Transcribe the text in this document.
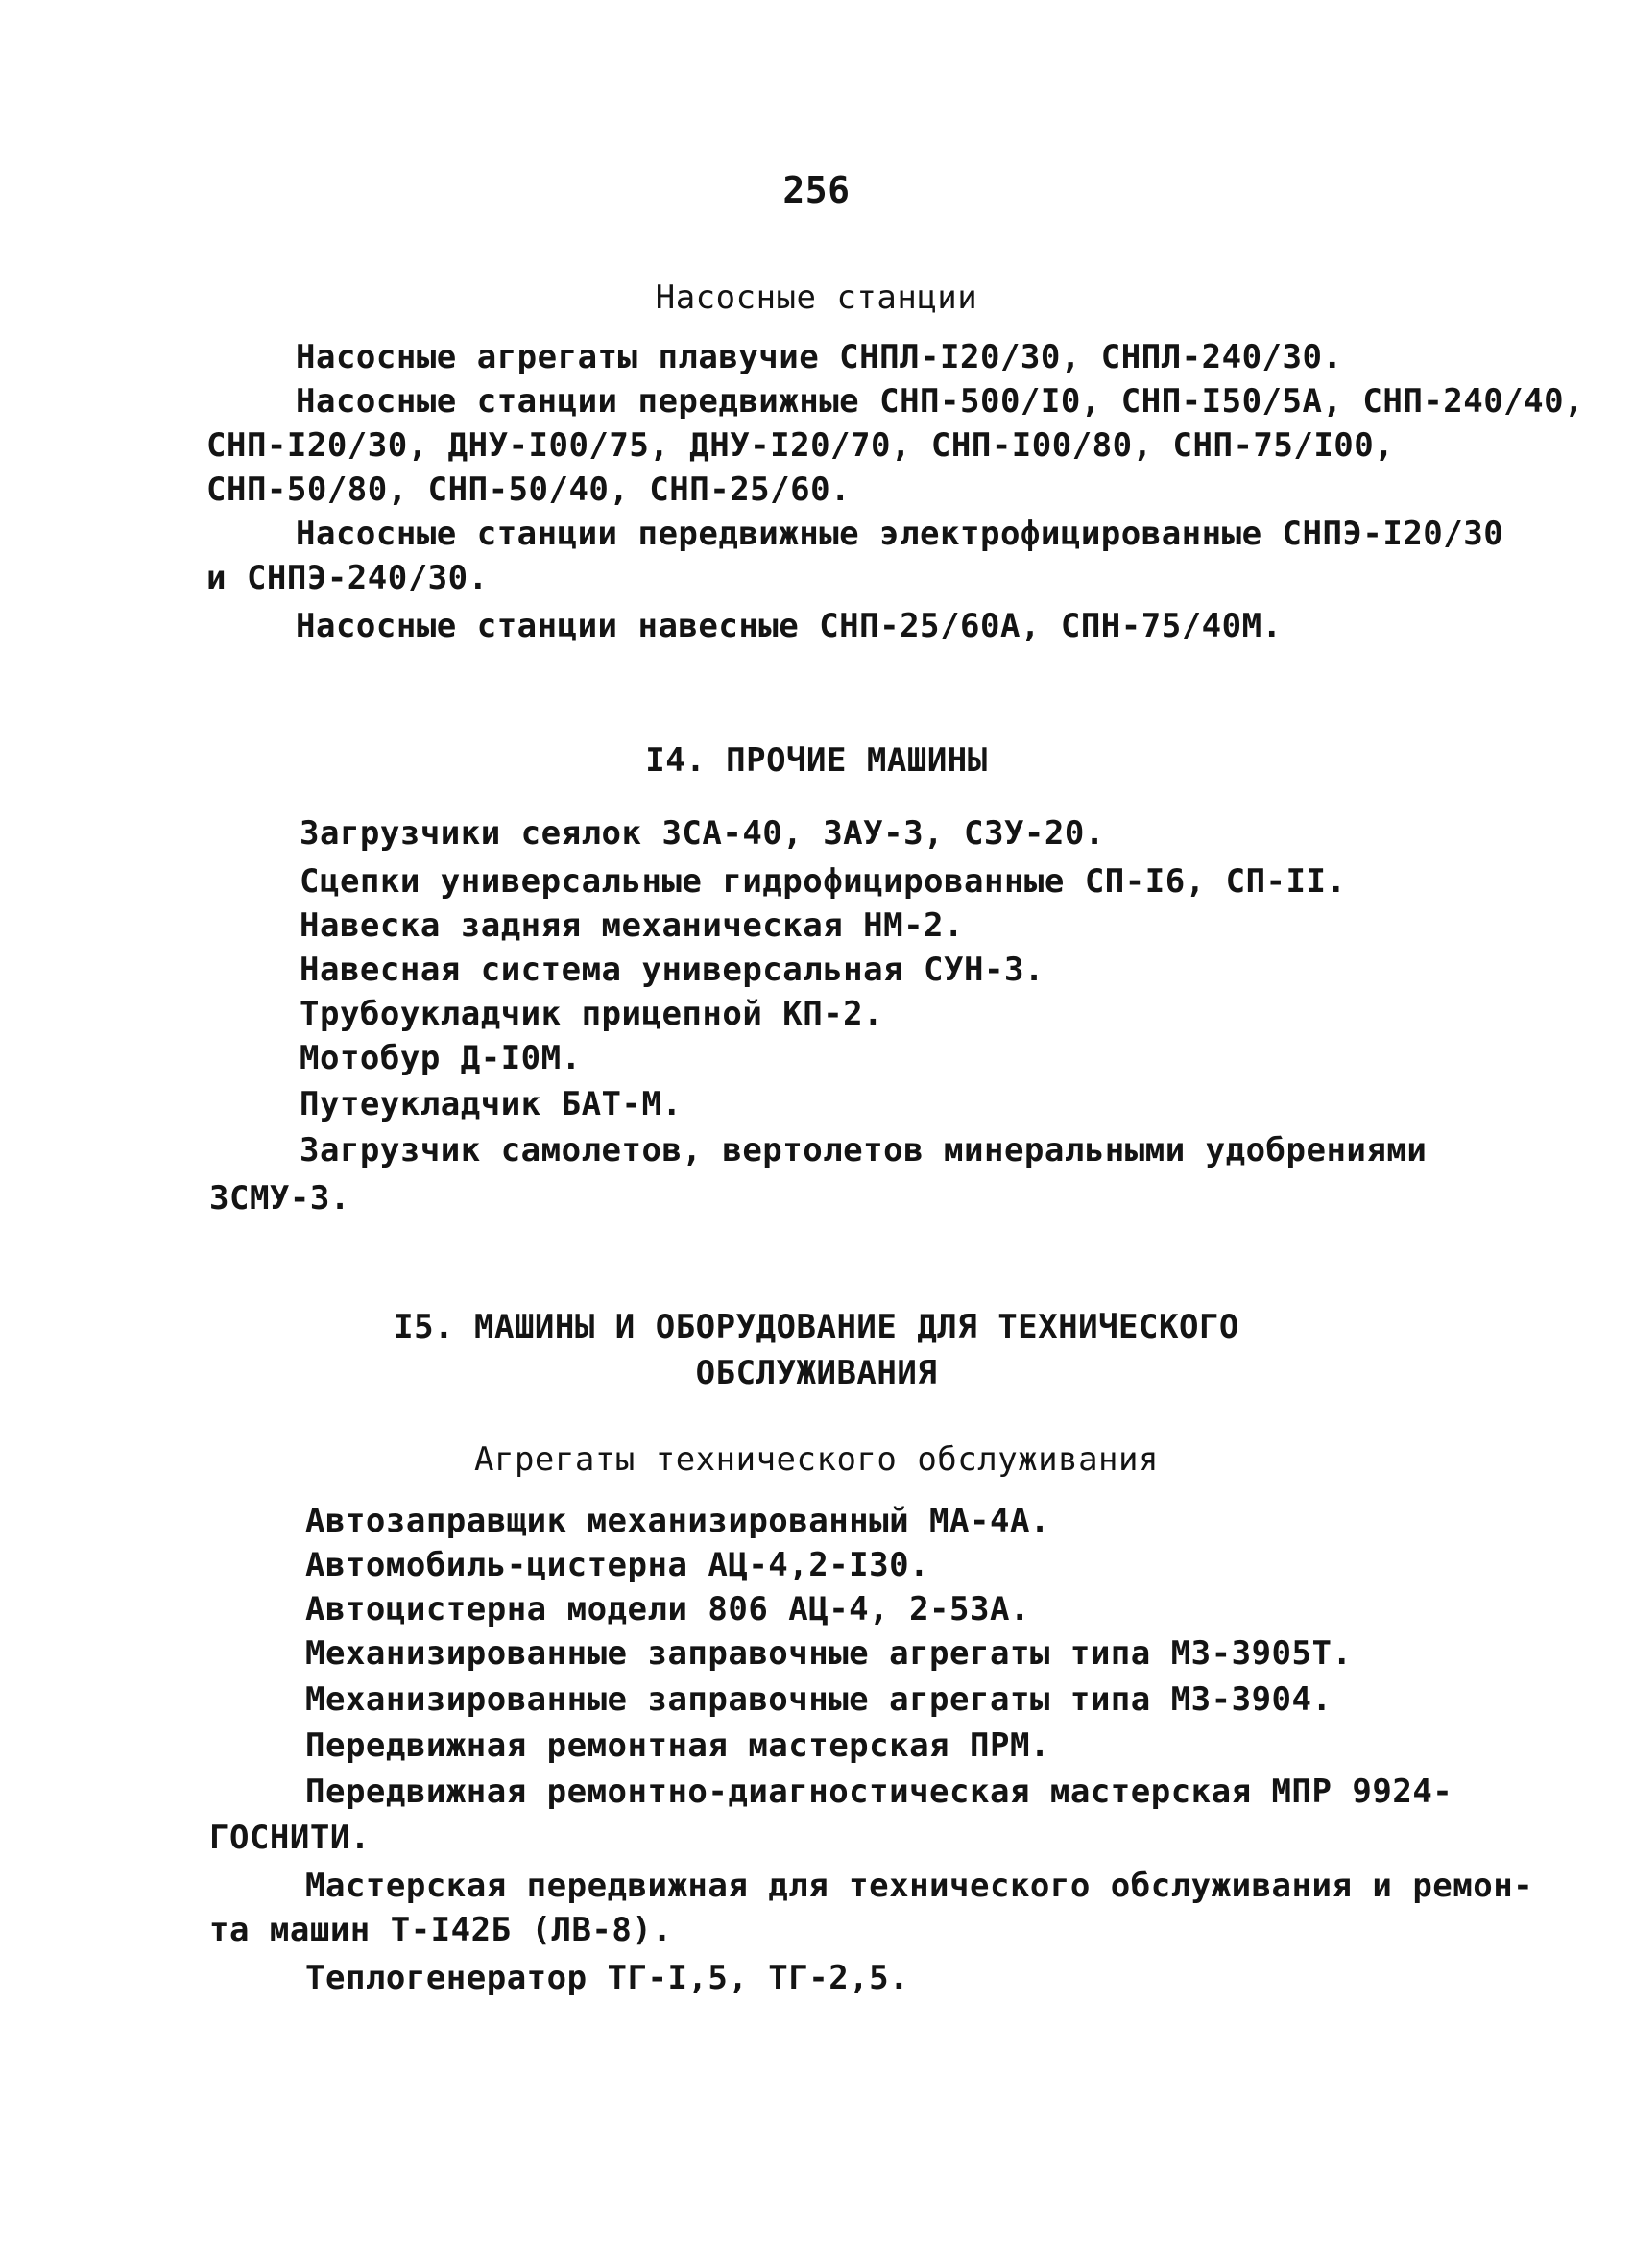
256
Насосные станции
Насосные агрегаты плавучие СНПЛ-I20/30, СНПЛ-240/30.
Насосные станции передвижные СНП-500/I0, СНП-I50/5А, СНП-240/40,
СНП-I20/30, ДНУ-I00/75, ДНУ-I20/70, СНП-I00/80, СНП-75/I00,
СНП-50/80, СНП-50/40, СНП-25/60.
Насосные станции передвижные электрофицированные СНПЭ-I20/30
и СНПЭ-240/30.
Насосные станции навесные СНП-25/60А, СПН-75/40М.
I4. ПРОЧИЕ МАШИНЫ
Загрузчики сеялок ЗСА-40, ЗАУ-3, СЗУ-20.
Сцепки универсальные гидрофицированные СП-I6, СП-II.
Навеска задняя механическая НМ-2.
Навесная система универсальная СУН-3.
Трубоукладчик прицепной КП-2.
Мотобур Д-I0М.
Путеукладчик БАТ-М.
Загрузчик самолетов, вертолетов минеральными удобрениями
ЗСМУ-3.
I5. МАШИНЫ И ОБОРУДОВАНИЕ ДЛЯ ТЕХНИЧЕСКОГО
ОБСЛУЖИВАНИЯ
Агрегаты технического обслуживания
Автозаправщик механизированный МА-4А.
Автомобиль-цистерна АЦ-4,2-I30.
Автоцистерна модели 806 АЦ-4, 2-53А.
Механизированные заправочные агрегаты типа МЗ-3905Т.
Механизированные заправочные агрегаты типа МЗ-3904.
Передвижная ремонтная мастерская ПРМ.
Передвижная ремонтно-диагностическая мастерская МПР 9924-
ГОСНИТИ.
Мастерская передвижная для технического обслуживания и ремон-
та машин Т-I42Б (ЛВ-8).
Теплогенератор ТГ-I,5, ТГ-2,5.
